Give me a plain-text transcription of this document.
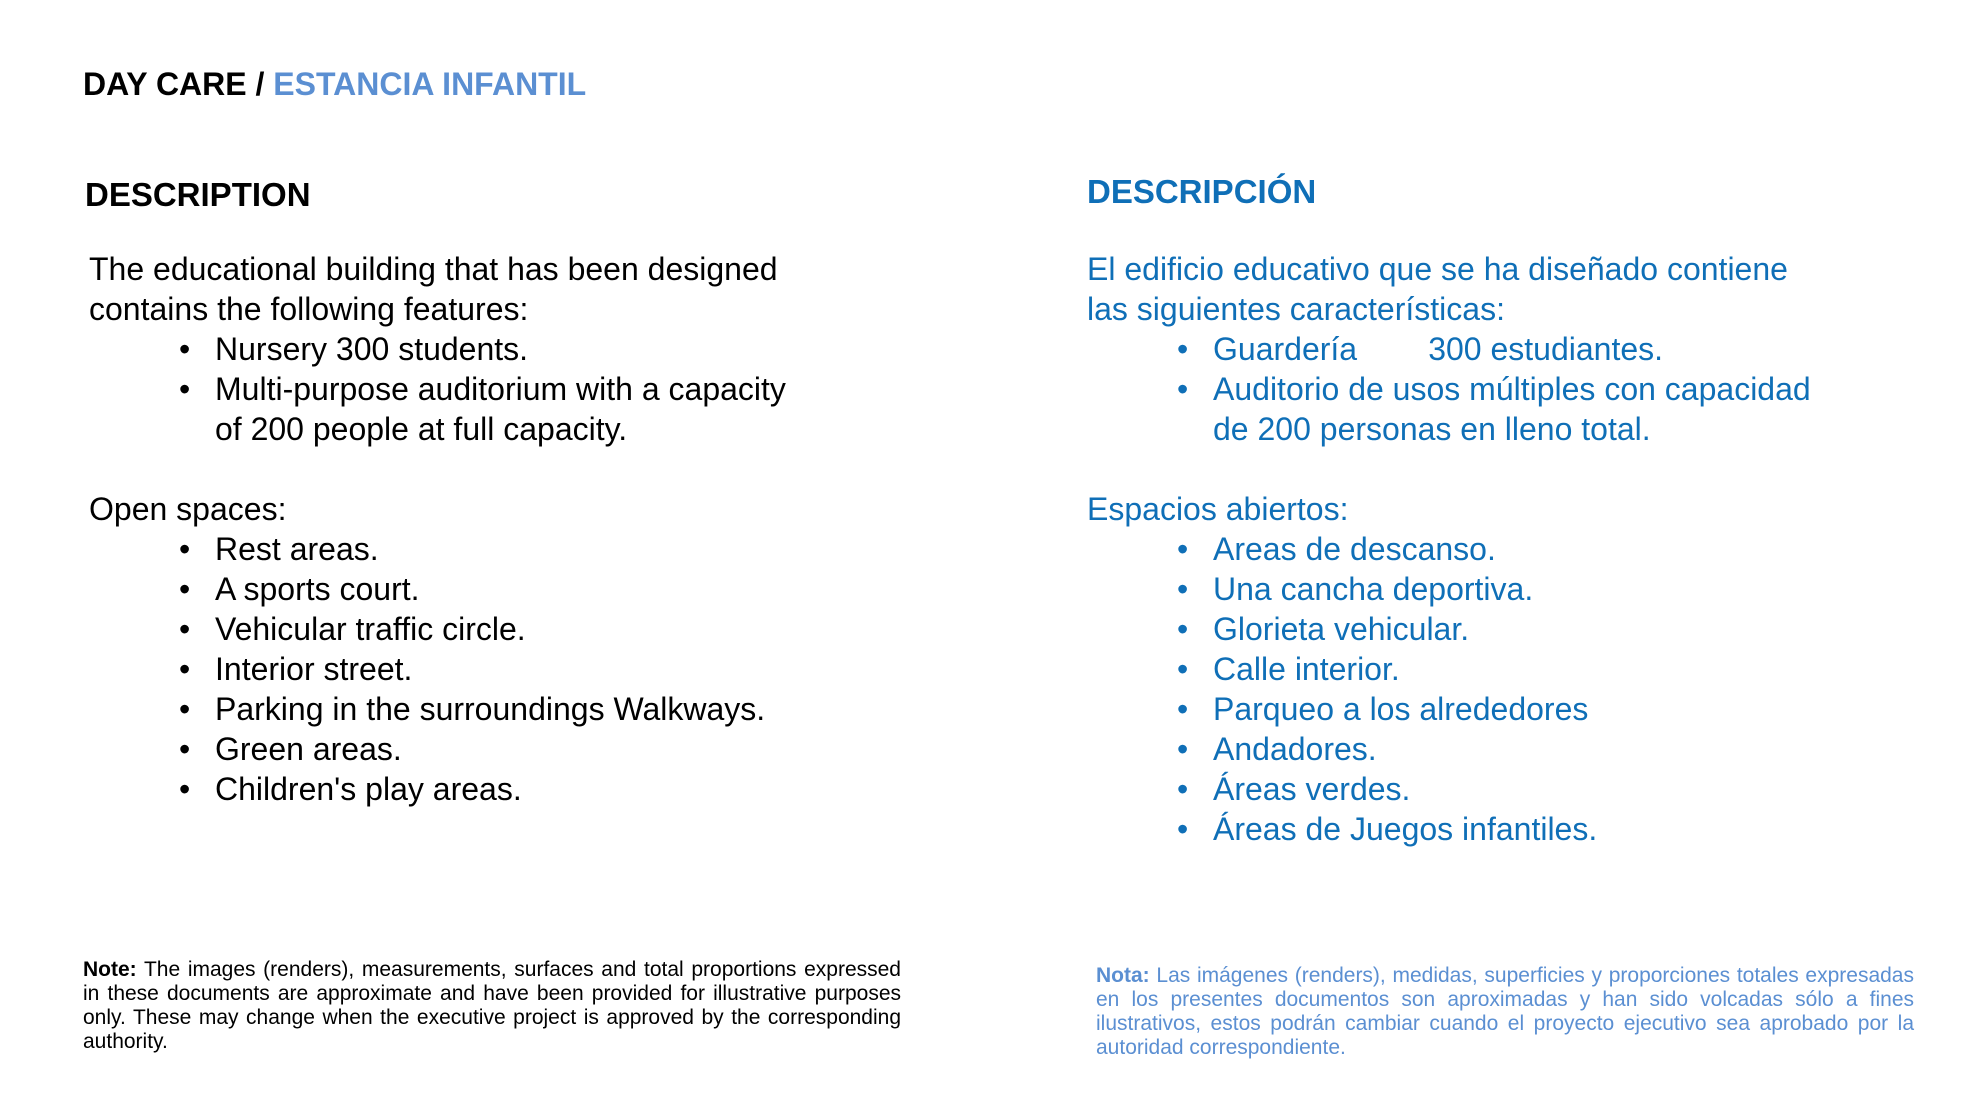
DAY CARE / ESTANCIA INFANTIL
DESCRIPTION

The educational building that has been designed contains the following features:

• Nursery 300 students.
• Multi-purpose auditorium with a capacity of 200 people at full capacity.

Open spaces:

• Rest areas.
• A sports court.
• Vehicular traffic circle.
• Interior street.
• Parking in the surroundings Walkways.
• Green areas.
• Children's play areas.

Note: The images (renders), measurements, surfaces and total proportions expressed in these documents are approximate and have been provided for illustrative purposes only. These may change when the executive project is approved by the corresponding authority.

DESCRIPCIÓN

El edificio educativo que se ha diseñado contiene las siguientes características:

• Guardería        300 estudiantes.
• Auditorio de usos múltiples con capacidad de 200 personas en lleno total.

Espacios abiertos:

• Areas de descanso.
• Una cancha deportiva.
• Glorieta vehicular.
• Calle interior.
• Parqueo a los alrededores
• Andadores.
• Áreas verdes.
• Áreas de Juegos infantiles.

Nota: Las imágenes (renders), medidas, superficies y proporciones totales expresadas en los presentes documentos son aproximadas y han sido volcadas sólo a fines ilustrativos, estos podrán cambiar cuando el proyecto ejecutivo sea aprobado por la autoridad correspondiente.
